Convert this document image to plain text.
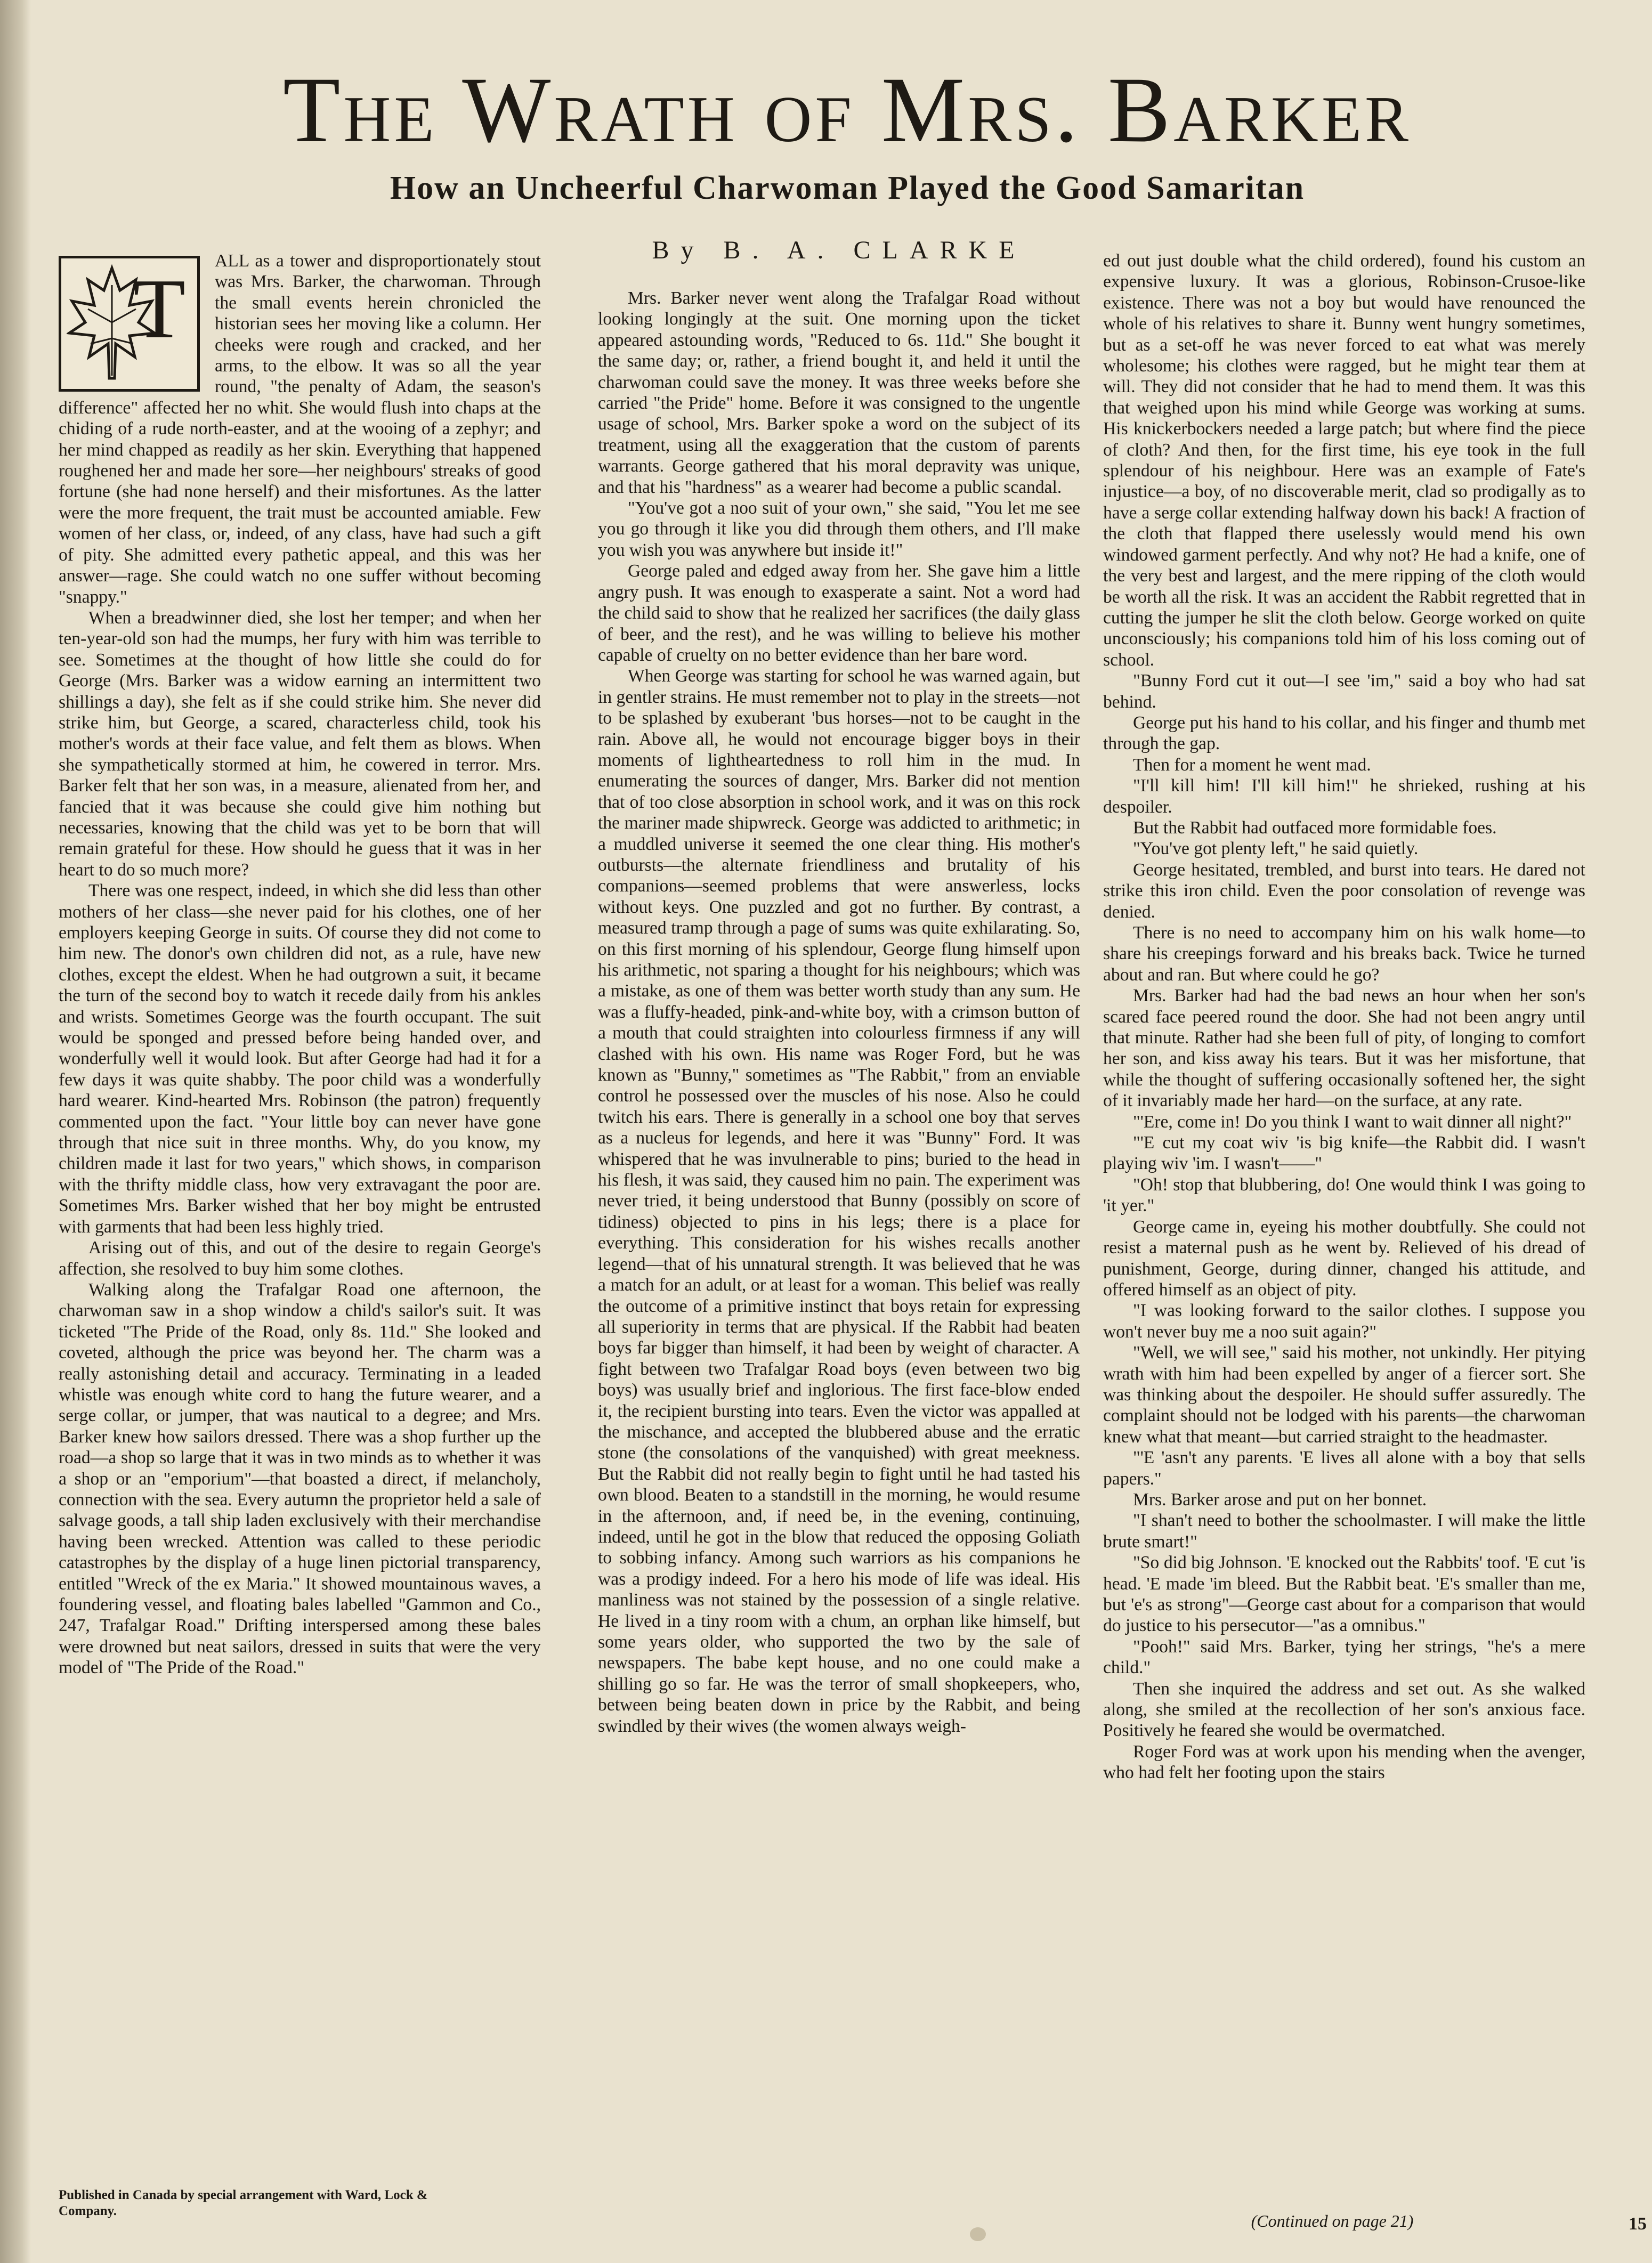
The Wrath of Mrs. Barker
How an Uncheerful Charwoman Played the Good Samaritan
T

ALL as a tower and disproportionately stout was Mrs. Barker, the charwoman. Through the small events herein chronicled the historian sees her moving like a column. Her cheeks were rough and cracked, and her arms, to the elbow. It was so all the year round, "the penalty of Adam, the season's difference" affected her no whit. She would flush into chaps at the chiding of a rude north-easter, and at the wooing of a zephyr; and her mind chapped as readily as her skin. Everything that happened roughened her and made her sore—her neighbours' streaks of good fortune (she had none herself) and their misfortunes. As the latter were the more frequent, the trait must be accounted amiable. Few women of her class, or, indeed, of any class, have had such a gift of pity. She admitted every pathetic appeal, and this was her answer—rage. She could watch no one suffer without becoming "snappy."

When a breadwinner died, she lost her temper; and when her ten-year-old son had the mumps, her fury with him was terrible to see. Sometimes at the thought of how little she could do for George (Mrs. Barker was a widow earning an intermittent two shillings a day), she felt as if she could strike him. She never did strike him, but George, a scared, characterless child, took his mother's words at their face value, and felt them as blows. When she sympathetically stormed at him, he cowered in terror. Mrs. Barker felt that her son was, in a measure, alienated from her, and fancied that it was because she could give him nothing but necessaries, knowing that the child was yet to be born that will remain grateful for these. How should he guess that it was in her heart to do so much more?

There was one respect, indeed, in which she did less than other mothers of her class—she never paid for his clothes, one of her employers keeping George in suits. Of course they did not come to him new. The donor's own children did not, as a rule, have new clothes, except the eldest. When he had outgrown a suit, it became the turn of the second boy to watch it recede daily from his ankles and wrists. Sometimes George was the fourth occupant. The suit would be sponged and pressed before being handed over, and wonderfully well it would look. But after George had had it for a few days it was quite shabby. The poor child was a wonderfully hard wearer. Kind-hearted Mrs. Robinson (the patron) frequently commented upon the fact. "Your little boy can never have gone through that nice suit in three months. Why, do you know, my children made it last for two years," which shows, in comparison with the thrifty middle class, how very extravagant the poor are. Sometimes Mrs. Barker wished that her boy might be entrusted with garments that had been less highly tried.

Arising out of this, and out of the desire to regain George's affection, she resolved to buy him some clothes.

Walking along the Trafalgar Road one afternoon, the charwoman saw in a shop window a child's sailor's suit. It was ticketed "The Pride of the Road, only 8s. 11d." She looked and coveted, although the price was beyond her. The charm was a really astonishing detail and accuracy. Terminating in a leaded whistle was enough white cord to hang the future wearer, and a serge collar, or jumper, that was nautical to a degree; and Mrs. Barker knew how sailors dressed. There was a shop further up the road—a shop so large that it was in two minds as to whether it was a shop or an "emporium"—that boasted a direct, if melancholy, connection with the sea. Every autumn the proprietor held a sale of salvage goods, a tall ship laden exclusively with their merchandise having been wrecked. Attention was called to these periodic catastrophes by the display of a huge linen pictorial transparency, entitled "Wreck of the ex Maria." It showed mountainous waves, a foundering vessel, and floating bales labelled "Gammon and Co., 247, Trafalgar Road." Drifting interspersed among these bales were drowned but neat sailors, dressed in suits that were the very model of "The Pride of the Road."

By B. A. CLARKE

Mrs. Barker never went along the Trafalgar Road without looking longingly at the suit. One morning upon the ticket appeared astounding words, "Reduced to 6s. 11d." She bought it the same day; or, rather, a friend bought it, and held it until the charwoman could save the money. It was three weeks before she carried "the Pride" home. Before it was consigned to the ungentle usage of school, Mrs. Barker spoke a word on the subject of its treatment, using all the exaggeration that the custom of parents warrants. George gathered that his moral depravity was unique, and that his "hardness" as a wearer had become a public scandal.

"You've got a noo suit of your own," she said, "You let me see you go through it like you did through them others, and I'll make you wish you was anywhere but inside it!"

George paled and edged away from her. She gave him a little angry push. It was enough to exasperate a saint. Not a word had the child said to show that he realized her sacrifices (the daily glass of beer, and the rest), and he was willing to believe his mother capable of cruelty on no better evidence than her bare word.

When George was starting for school he was warned again, but in gentler strains. He must remember not to play in the streets—not to be splashed by exuberant 'bus horses—not to be caught in the rain. Above all, he would not encourage bigger boys in their moments of lightheartedness to roll him in the mud. In enumerating the sources of danger, Mrs. Barker did not mention that of too close absorption in school work, and it was on this rock the mariner made shipwreck. George was addicted to arithmetic; in a muddled universe it seemed the one clear thing. His mother's outbursts—the alternate friendliness and brutality of his companions—seemed problems that were answerless, locks without keys. One puzzled and got no further. By contrast, a measured tramp through a page of sums was quite exhilarating. So, on this first morning of his splendour, George flung himself upon his arithmetic, not sparing a thought for his neighbours; which was a mistake, as one of them was better worth study than any sum. He was a fluffy-headed, pink-and-white boy, with a crimson button of a mouth that could straighten into colourless firmness if any will clashed with his own. His name was Roger Ford, but he was known as "Bunny," sometimes as "The Rabbit," from an enviable control he possessed over the muscles of his nose. Also he could twitch his ears. There is generally in a school one boy that serves as a nucleus for legends, and here it was "Bunny" Ford. It was whispered that he was invulnerable to pins; buried to the head in his flesh, it was said, they caused him no pain. The experiment was never tried, it being understood that Bunny (possibly on score of tidiness) objected to pins in his legs; there is a place for everything. This consideration for his wishes recalls another legend—that of his unnatural strength. It was believed that he was a match for an adult, or at least for a woman. This belief was really the outcome of a primitive instinct that boys retain for expressing all superiority in terms that are physical. If the Rabbit had beaten boys far bigger than himself, it had been by weight of character. A fight between two Trafalgar Road boys (even between two big boys) was usually brief and inglorious. The first face-blow ended it, the recipient bursting into tears. Even the victor was appalled at the mischance, and accepted the blubbered abuse and the erratic stone (the consolations of the vanquished) with great meekness. But the Rabbit did not really begin to fight until he had tasted his own blood. Beaten to a standstill in the morning, he would resume in the afternoon, and, if need be, in the evening, continuing, indeed, until he got in the blow that reduced the opposing Goliath to sobbing infancy. Among such warriors as his companions he was a prodigy indeed. For a hero his mode of life was ideal. His manliness was not stained by the possession of a single relative. He lived in a tiny room with a chum, an orphan like himself, but some years older, who supported the two by the sale of newspapers. The babe kept house, and no one could make a shilling go so far. He was the terror of small shopkeepers, who, between being beaten down in price by the Rabbit, and being swindled by their wives (the women always weigh-

ed out just double what the child ordered), found his custom an expensive luxury. It was a glorious, Robinson-Crusoe-like existence. There was not a boy but would have renounced the whole of his relatives to share it. Bunny went hungry sometimes, but as a set-off he was never forced to eat what was merely wholesome; his clothes were ragged, but he might tear them at will. They did not consider that he had to mend them. It was this that weighed upon his mind while George was working at sums. His knickerbockers needed a large patch; but where find the piece of cloth? And then, for the first time, his eye took in the full splendour of his neighbour. Here was an example of Fate's injustice—a boy, of no discoverable merit, clad so prodigally as to have a serge collar extending halfway down his back! A fraction of the cloth that flapped there uselessly would mend his own windowed garment perfectly. And why not? He had a knife, one of the very best and largest, and the mere ripping of the cloth would be worth all the risk. It was an accident the Rabbit regretted that in cutting the jumper he slit the cloth below. George worked on quite unconsciously; his companions told him of his loss coming out of school.

"Bunny Ford cut it out—I see 'im," said a boy who had sat behind.

George put his hand to his collar, and his finger and thumb met through the gap.

Then for a moment he went mad.

"I'll kill him! I'll kill him!" he shrieked, rushing at his despoiler.

But the Rabbit had outfaced more formidable foes.

"You've got plenty left," he said quietly.

George hesitated, trembled, and burst into tears. He dared not strike this iron child. Even the poor consolation of revenge was denied.

There is no need to accompany him on his walk home—to share his creepings forward and his breaks back. Twice he turned about and ran. But where could he go?

Mrs. Barker had had the bad news an hour when her son's scared face peered round the door. She had not been angry until that minute. Rather had she been full of pity, of longing to comfort her son, and kiss away his tears. But it was her misfortune, that while the thought of suffering occasionally softened her, the sight of it invariably made her hard—on the surface, at any rate.

"'Ere, come in! Do you think I want to wait dinner all night?"

"'E cut my coat wiv 'is big knife—the Rabbit did. I wasn't playing wiv 'im. I wasn't——"

"Oh! stop that blubbering, do! One would think I was going to 'it yer."

George came in, eyeing his mother doubtfully. She could not resist a maternal push as he went by. Relieved of his dread of punishment, George, during dinner, changed his attitude, and offered himself as an object of pity.

"I was looking forward to the sailor clothes. I suppose you won't never buy me a noo suit again?"

"Well, we will see," said his mother, not unkindly. Her pitying wrath with him had been expelled by anger of a fiercer sort. She was thinking about the despoiler. He should suffer assuredly. The complaint should not be lodged with his parents—the charwoman knew what that meant—but carried straight to the headmaster.

"'E 'asn't any parents. 'E lives all alone with a boy that sells papers."

Mrs. Barker arose and put on her bonnet.

"I shan't need to bother the schoolmaster. I will make the little brute smart!"

"So did big Johnson. 'E knocked out the Rabbits' toof. 'E cut 'is head. 'E made 'im bleed. But the Rabbit beat. 'E's smaller than me, but 'e's as strong"—George cast about for a comparison that would do justice to his persecutor—"as a omnibus."

"Pooh!" said Mrs. Barker, tying her strings, "he's a mere child."

Then she inquired the address and set out. As she walked along, she smiled at the recollection of her son's anxious face. Positively he feared she would be overmatched.

Roger Ford was at work upon his mending when the avenger, who had felt her footing upon the stairs

Published in Canada by special arrangement with Ward, Lock & Company.

(Continued on page 21)	15
